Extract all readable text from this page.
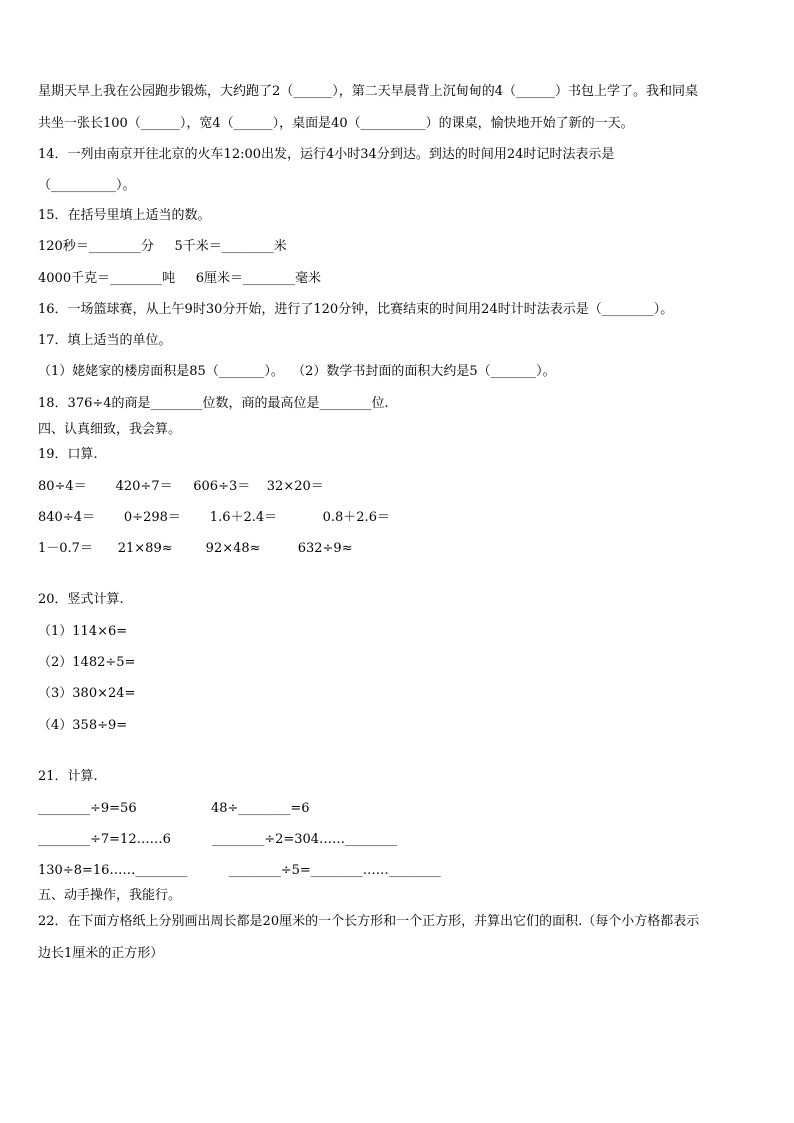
星期天早上我在公园跑步锻炼，大约跑了2（______），第二天早晨背上沉甸甸的4（______）书包上学了。我和同桌
共坐一张长100（______），宽4（______），桌面是40（__________）的课桌，愉快地开始了新的一天。
14．一列由南京开往北京的火车12:00出发，运行4小时34分到达。到达的时间用24时记时法表示是
（__________）。
15．在括号里填上适当的数。
120秒＝________分     5千米＝________米
4000千克＝________吨     6厘米＝________毫米
16．一场篮球赛，从上午9时30分开始，进行了120分钟，比赛结束的时间用24时计时法表示是（________）。
17．填上适当的单位。
（1）姥姥家的楼房面积是85（_______）。  （2）数学书封面的面积大约是5（_______）。
18．376÷4的商是________位数，商的最高位是________位.
四、认真细致，我会算。
19．口算.
80÷4＝       420÷7＝     606÷3＝    32×20＝
840÷4＝       0÷298＝       1.6＋2.4＝           0.8＋2.6＝
1－0.7＝      21×89≈        92×48≈         632÷9≈
20．竖式计算.
（1）114×6=
（2）1482÷5=
（3）380×24=
（4）358÷9=
21．计算.
________÷9=56                  48÷________=6
________÷7=12……6          ________÷2=304……________
130÷8=16……________          ________÷5=________……________
五、动手操作，我能行。
22．在下面方格纸上分别画出周长都是20厘米的一个长方形和一个正方形，并算出它们的面积.（每个小方格都表示
边长1厘米的正方形）
